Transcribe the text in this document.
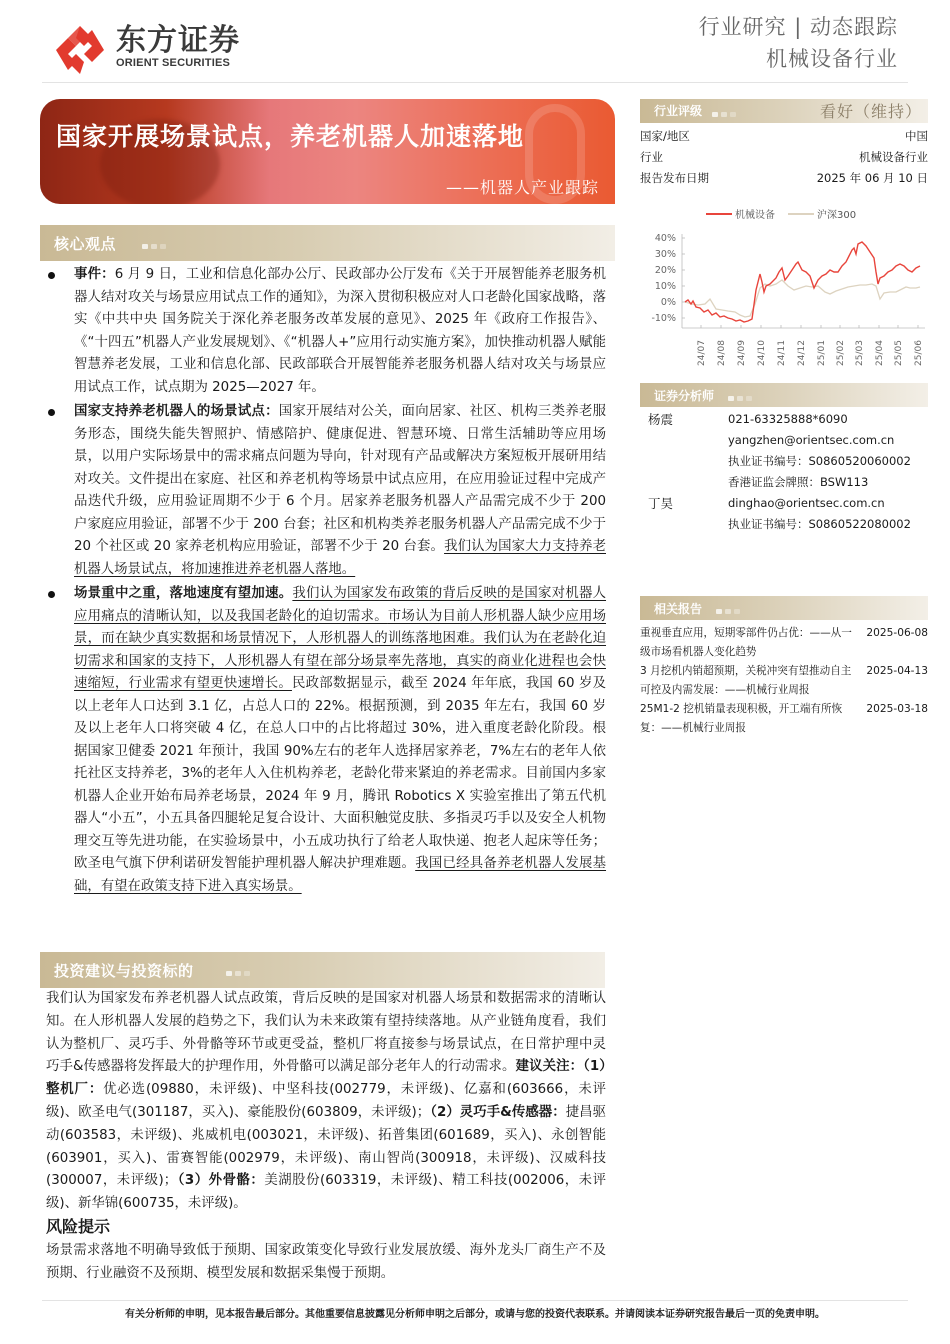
东方证券
ORIENT SECURITIES
行业研究 | 动态跟踪
机械设备行业
国家开展场景试点，养老机器人加速落地
——机器人产业跟踪
核心观点
事件：6 月 9 日，工业和信息化部办公厅、民政部办公厅发布《关于开展智能养老服务机器人结对攻关与场景应用试点工作的通知》，为深入贯彻积极应对人口老龄化国家战略，落实《中共中央 国务院关于深化养老服务改革发展的意见》、2025 年《政府工作报告》、《“十四五”机器人产业发展规划》、《“机器人+”应用行动实施方案》，加快推动机器人赋能智慧养老发展，工业和信息化部、民政部联合开展智能养老服务机器人结对攻关与场景应用试点工作，试点期为 2025—2027 年。
国家支持养老机器人的场景试点：国家开展结对公关，面向居家、社区、机构三类养老服务形态，围绕失能失智照护、情感陪护、健康促进、智慧环境、日常生活辅助等应用场景，以用户实际场景中的需求痛点问题为导向，针对现有产品或解决方案短板开展研用结对攻关。文件提出在家庭、社区和养老机构等场景中试点应用，在应用验证过程中完成产品迭代升级，应用验证周期不少于 6 个月。居家养老服务机器人产品需完成不少于 200 户家庭应用验证，部署不少于 200 台套；社区和机构类养老服务机器人产品需完成不少于 20 个社区或 20 家养老机构应用验证，部署不少于 20 台套。我们认为国家大力支持养老机器人场景试点，将加速推进养老机器人落地。
场景重中之重，落地速度有望加速。我们认为国家发布政策的背后反映的是国家对机器人应用痛点的清晰认知，以及我国老龄化的迫切需求。市场认为目前人形机器人缺少应用场景，而在缺少真实数据和场景情况下，人形机器人的训练落地困难。我们认为在老龄化迫切需求和国家的支持下，人形机器人有望在部分场景率先落地，真实的商业化进程也会快速缩短，行业需求有望更快速增长。民政部数据显示，截至 2024 年年底，我国 60 岁及以上老年人口达到 3.1 亿，占总人口的 22%。根据预测，到 2035 年左右，我国 60 岁及以上老年人口将突破 4 亿，在总人口中的占比将超过 30%，进入重度老龄化阶段。根据国家卫健委 2021 年预计，我国 90%左右的老年人选择居家养老，7%左右的老年人依托社区支持养老，3%的老年人入住机构养老，老龄化带来紧迫的养老需求。目前国内多家机器人企业开始布局养老场景，2024 年 9 月，腾讯 Robotics X 实验室推出了第五代机器人“小五”，小五具备四腿轮足复合设计、大面积触觉皮肤、多指灵巧手以及安全人机物理交互等先进功能，在实验场景中，小五成功执行了给老人取快递、抱老人起床等任务；欧圣电气旗下伊利诺研发智能护理机器人解决护理难题。我国已经具备养老机器人发展基础，有望在政策支持下进入真实场景。
投资建议与投资标的
我们认为国家发布养老机器人试点政策，背后反映的是国家对机器人场景和数据需求的清晰认知。在人形机器人发展的趋势之下，我们认为未来政策有望持续落地。从产业链角度看，我们认为整机厂、灵巧手、外骨骼等环节或更受益，整机厂将直接参与场景试点，在日常护理中灵巧手&传感器将发挥最大的护理作用，外骨骼可以满足部分老年人的行动需求。建议关注：（1）整机厂：优必选(09880，未评级)、中坚科技(002779，未评级)、亿嘉和(603666，未评级)、欧圣电气(301187，买入)、豪能股份(603809，未评级)；（2）灵巧手&传感器：捷昌驱动(603583，未评级)、兆威机电(003021，未评级)、拓普集团(601689，买入)、永创智能(603901，买入)、雷赛智能(002979，未评级)、南山智尚(300918，未评级)、汉威科技(300007，未评级)；（3）外骨骼：美湖股份(603319，未评级)、精工科技(002006，未评级)、新华锦(600735，未评级)。
风险提示
场景需求落地不明确导致低于预期、国家政策变化导致行业发展放缓、海外龙头厂商生产不及预期、行业融资不及预期、模型发展和数据采集慢于预期。
行业评级	看好（维持）
国家/地区	中国
行业	机械设备行业
报告发布日期	2025 年 06 月 10 日
机械设备	沪深300
40%
30%
20%
10%
0%
-10%
24/07 24/08 24/09 24/10 24/11 24/12 25/01 25/02 25/03 25/04 25/05 25/06
证券分析师
杨震	021-63325888*6090
yangzhen@orientsec.com.cn
执业证书编号：S0860520060002
香港证监会牌照：BSW113
丁昊	dinghao@orientsec.com.cn
执业证书编号：S0860522080002
相关报告
重视垂直应用，短期零部件仍占优：——从一级市场看机器人变化趋势
2025-06-08
3 月挖机内销超预期，关税冲突有望推动自主可控及内需发展：——机械行业周报
2025-04-13
25M1-2 挖机销量表现积极，开工端有所恢复：——机械行业周报
2025-03-18
有关分析师的申明，见本报告最后部分。其他重要信息披露见分析师申明之后部分，或请与您的投资代表联系。并请阅读本证券研究报告最后一页的免责申明。
